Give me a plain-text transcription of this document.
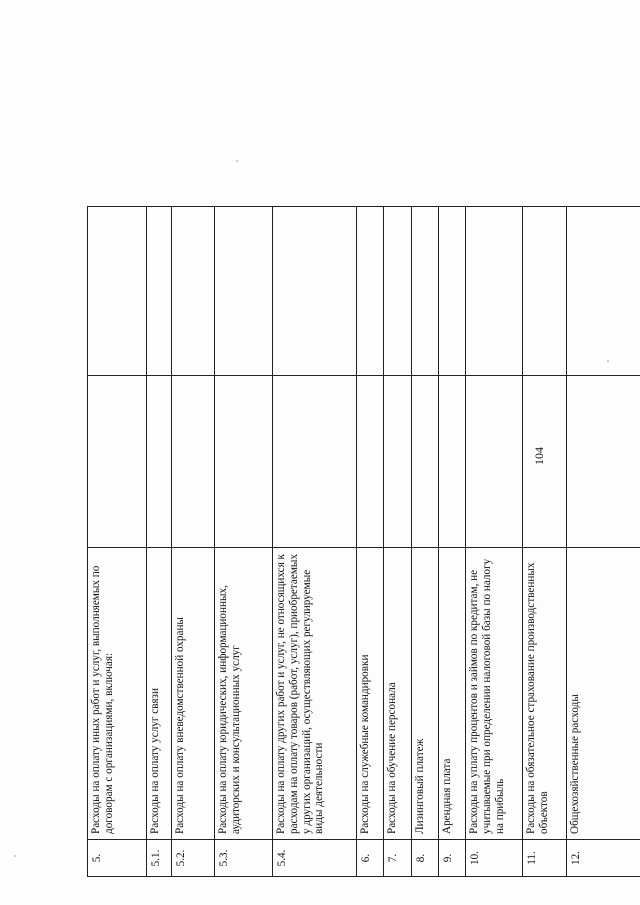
104
5.
Расходы на оплату иных работ и услуг, выполняемых по договорам с организациями, включая:
5.1.
Расходы на оплату услуг связи
5.2.
Расходы на оплату вневедомственной охраны
5.3.
Расходы на оплату юридических, информационных, аудиторских и консультационных услуг
5.4.
Расходы на оплату других работ и услуг, не относящихся к расходам на оплату товаров (работ, услуг), приобретаемых у других организаций, осуществляющих регулируемые виды деятельности
6.
Расходы на служебные командировки
7.
Расходы на обучение персонала
8.
Лизинговый платеж
9.
Арендная плата
10.
Расходы на уплату процентов и займов по кредитам, не учитываемые при определении налоговой базы по налогу на прибыль
11.
Расходы на обязательное страхование производственных объектов
12.
Общехозяйственные расходы
